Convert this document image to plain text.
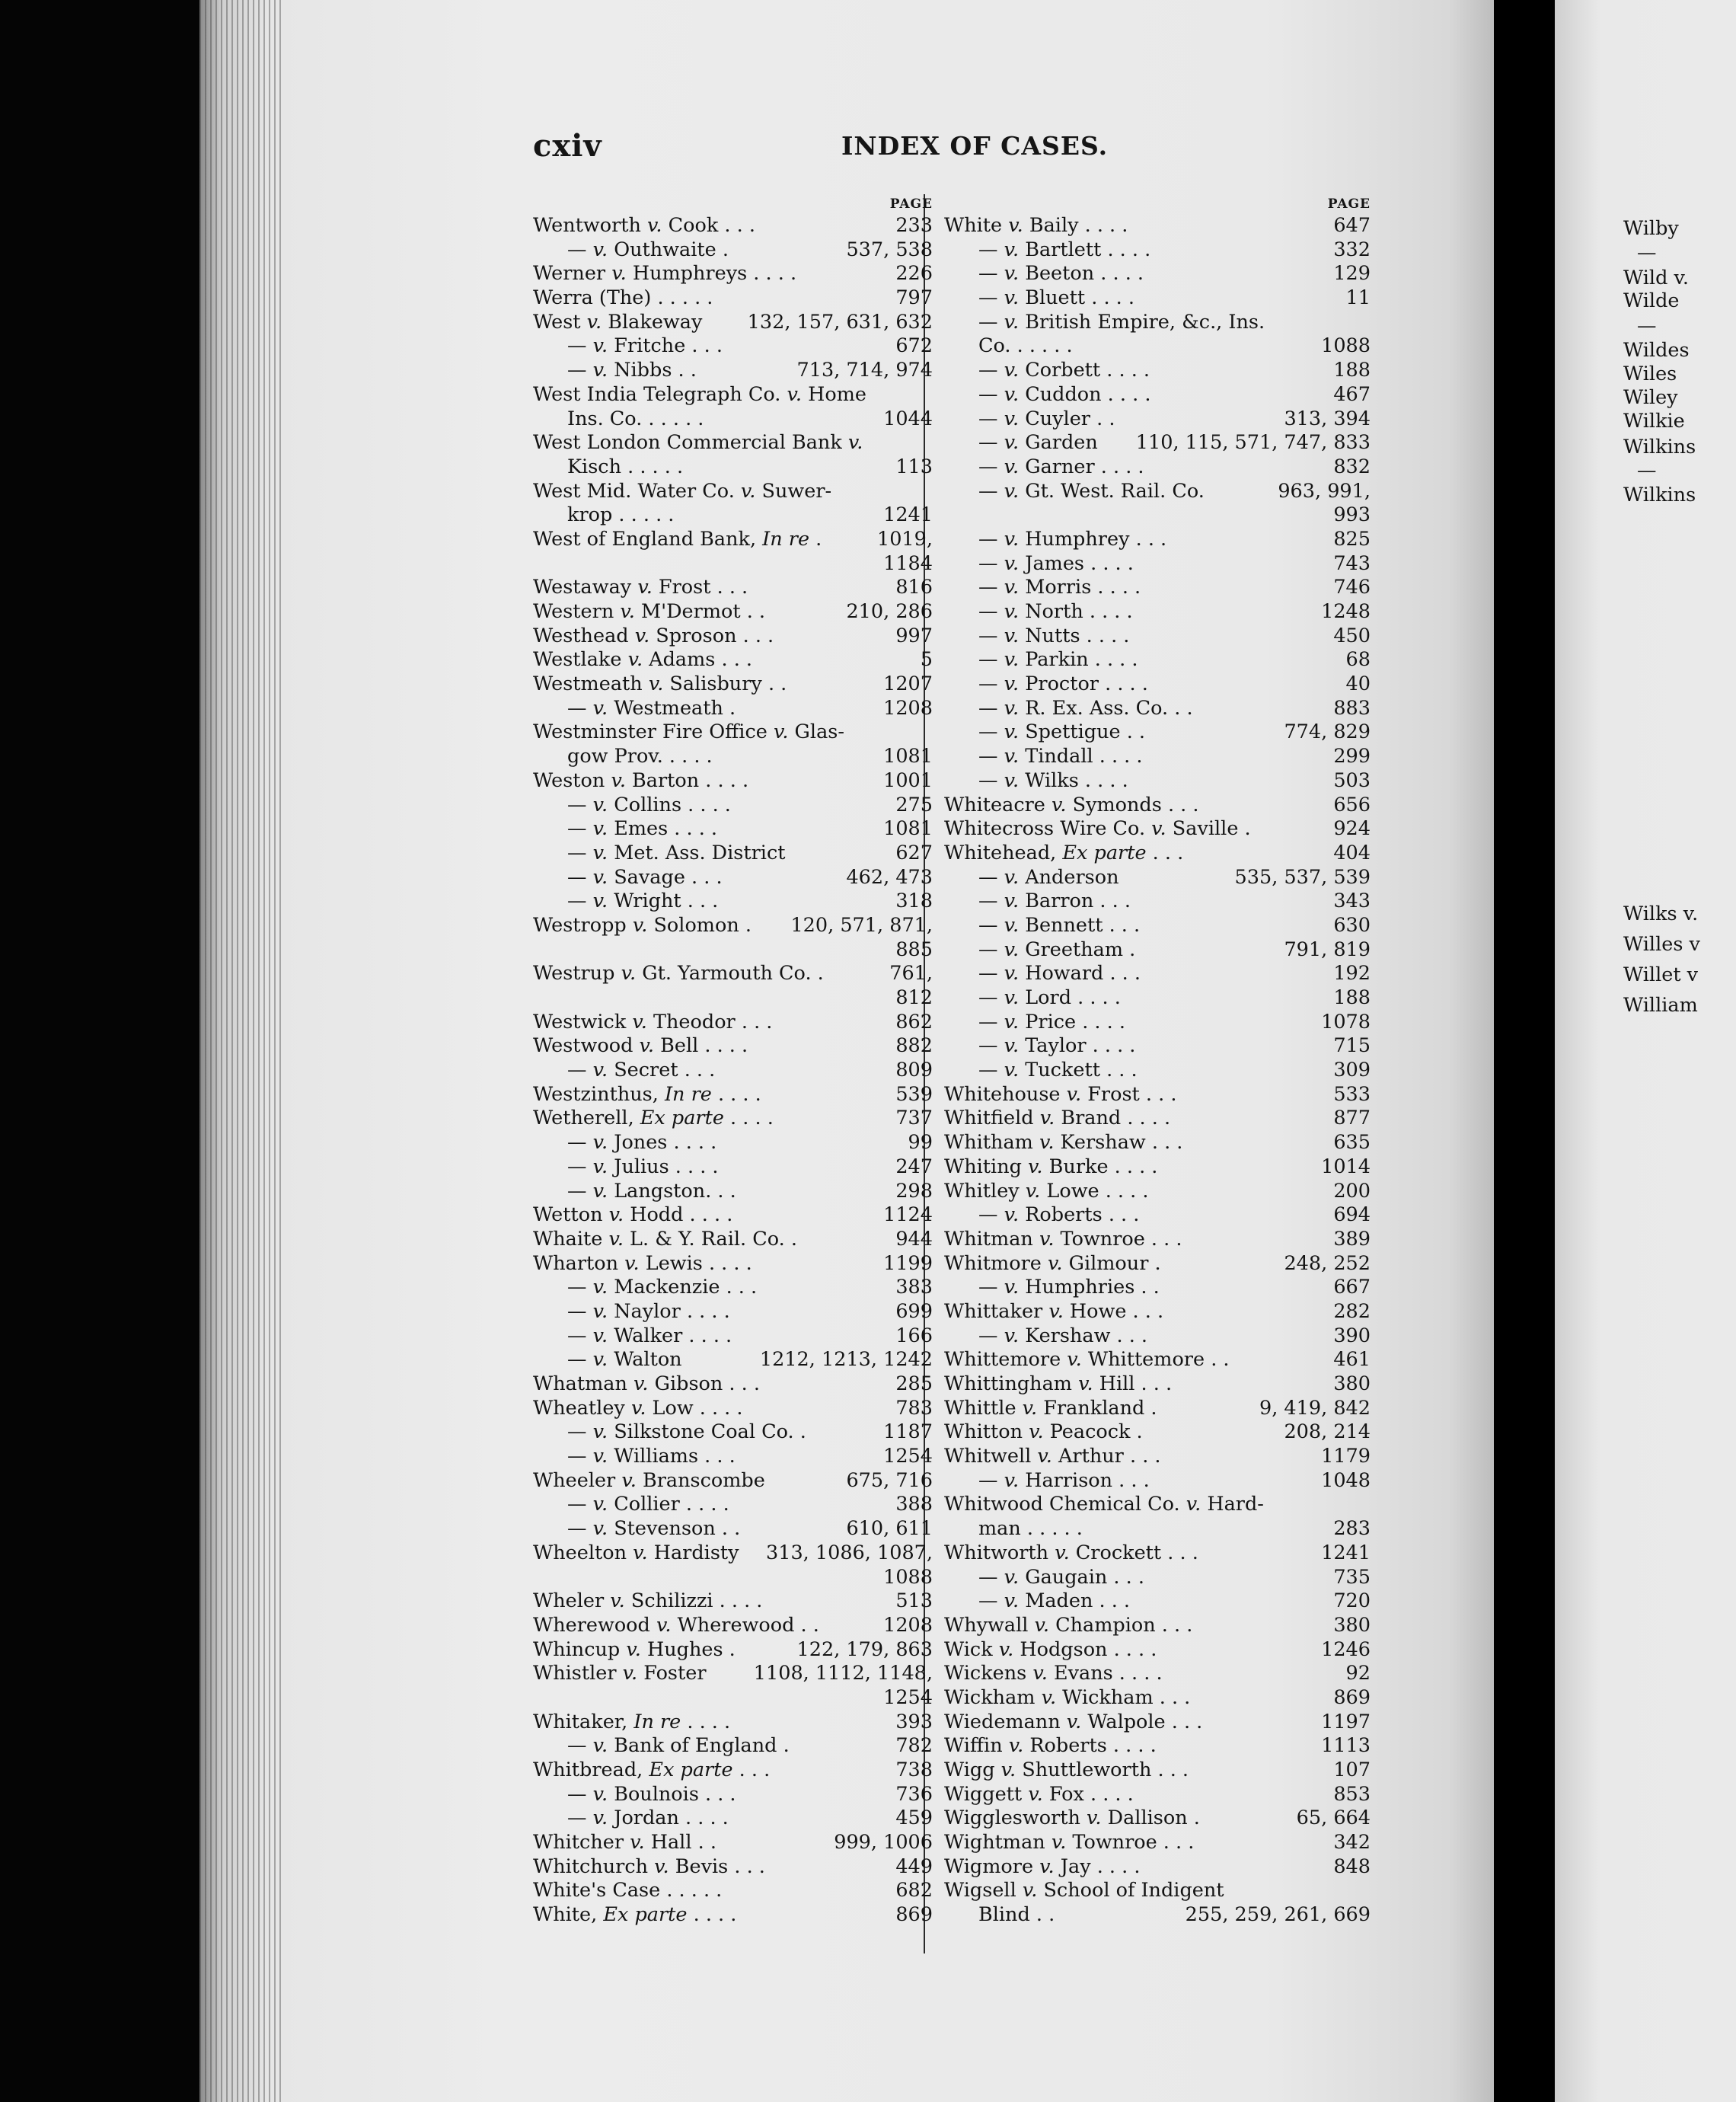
cxiv	INDEX OF CASES.
PAGE
Wentworth v. Cook . . .	233
— v. Outhwaite .	537, 538
Werner v. Humphreys . . . .	226
Werra (The) . . . . .	797
West v. Blakeway 132, 157, 631, 632
— v. Fritche . . .	672
— v. Nibbs . .	713, 714, 974
West India Telegraph Co. v. Home
Ins. Co. . . . . .	1044
West London Commercial Bank v.
Kisch . . . . .	113
West Mid. Water Co. v. Suwer-
krop . . . . .	1241
West of England Bank, In re .	1019,
1184
Westaway v. Frost . . .	816
Western v. M'Dermot . .	210, 286
Westhead v. Sproson . . .	997
Westlake v. Adams . . .	5
Westmeath v. Salisbury . .	1207
— v. Westmeath .	1208
Westminster Fire Office v. Glas-
gow Prov. . . . .	1081
Weston v. Barton . . . .	1001
— v. Collins . . . .	275
— v. Emes . . . .	1081
— v. Met. Ass. District	627
— v. Savage . . .	462, 473
— v. Wright . . .	318
Westropp v. Solomon . 120, 571, 871,
885
Westrup v. Gt. Yarmouth Co. .	761,
812
Westwick v. Theodor . . .	862
Westwood v. Bell . . . .	882
— v. Secret . . .	809
Westzinthus, In re . . . .	539
Wetherell, Ex parte . . . .	737
— v. Jones . . . .	99
— v. Julius . . . .	247
— v. Langston. . .	298
Wetton v. Hodd . . . .	1124
Whaite v. L. & Y. Rail. Co. .	944
Wharton v. Lewis . . . .	1199
— v. Mackenzie . . .	383
— v. Naylor . . . .	699
— v. Walker . . . .	166
— v. Walton	1212, 1213, 1242
Whatman v. Gibson . . .	285
Wheatley v. Low . . . .	783
— v. Silkstone Coal Co. .	1187
— v. Williams . . .	1254
Wheeler v. Branscombe	675, 716
— v. Collier . . . .	388
— v. Stevenson . .	610, 611
Wheelton v. Hardisty 313, 1086, 1087,
1088
Wheler v. Schilizzi . . . .	513
Wherewood v. Wherewood . .	1208
Whincup v. Hughes .	122, 179, 863
Whistler v. Foster 1108, 1112, 1148,
1254
Whitaker, In re . . . .	393
— v. Bank of England .	782
Whitbread, Ex parte . . .	738
— v. Boulnois . . .	736
— v. Jordan . . . .	459
Whitcher v. Hall . .	999, 1006
Whitchurch v. Bevis . . .	449
White's Case . . . . .	682
White, Ex parte . . . .	869
PAGE
White v. Baily . . . .	647
— v. Bartlett . . . .	332
— v. Beeton . . . .	129
— v. Bluett . . . .	11
— v. British Empire, &c., Ins.
Co. . . . . .	1088
— v. Corbett . . . .	188
— v. Cuddon . . . .	467
— v. Cuyler . .	313, 394
— v. Garden 110, 115, 571, 747, 833
— v. Garner . . . .	832
— v. Gt. West. Rail. Co.	963, 991,
993
— v. Humphrey . . .	825
— v. James . . . .	743
— v. Morris . . . .	746
— v. North . . . .	1248
— v. Nutts . . . .	450
— v. Parkin . . . .	68
— v. Proctor . . . .	40
— v. R. Ex. Ass. Co. . .	883
— v. Spettigue . .	774, 829
— v. Tindall . . . .	299
— v. Wilks . . . .	503
Whiteacre v. Symonds . . .	656
Whitecross Wire Co. v. Saville .	924
Whitehead, Ex parte . . .	404
— v. Anderson	535, 537, 539
— v. Barron . . .	343
— v. Bennett . . .	630
— v. Greetham .	791, 819
— v. Howard . . .	192
— v. Lord . . . .	188
— v. Price . . . .	1078
— v. Taylor . . . .	715
— v. Tuckett . . .	309
Whitehouse v. Frost . . .	533
Whitfield v. Brand . . . .	877
Whitham v. Kershaw . . .	635
Whiting v. Burke . . . .	1014
Whitley v. Lowe . . . .	200
— v. Roberts . . .	694
Whitman v. Townroe . . .	389
Whitmore v. Gilmour .	248, 252
— v. Humphries . .	667
Whittaker v. Howe . . .	282
— v. Kershaw . . .	390
Whittemore v. Whittemore . .	461
Whittingham v. Hill . . .	380
Whittle v. Frankland .	9, 419, 842
Whitton v. Peacock .	208, 214
Whitwell v. Arthur . . .	1179
— v. Harrison . . .	1048
Whitwood Chemical Co. v. Hard-
man . . . . .	283
Whitworth v. Crockett . . .	1241
— v. Gaugain . . .	735
— v. Maden . . .	720
Whywall v. Champion . . .	380
Wick v. Hodgson . . . .	1246
Wickens v. Evans . . . .	92
Wickham v. Wickham . . .	869
Wiedemann v. Walpole . . .	1197
Wiffin v. Roberts . . . .	1113
Wigg v. Shuttleworth . . .	107
Wiggett v. Fox . . . .	853
Wigglesworth v. Dallison .	65, 664
Wightman v. Townroe . . .	342
Wigmore v. Jay . . . .	848
Wigsell v. School of Indigent
Blind . .	255, 259, 261, 669
Wilby
—
Wild v.
Wilde
—
Wildes
Wiles
Wiley
Wilkie
Wilkins
—
Wilkins
Wilks v.
Willes v
Willet v
William
